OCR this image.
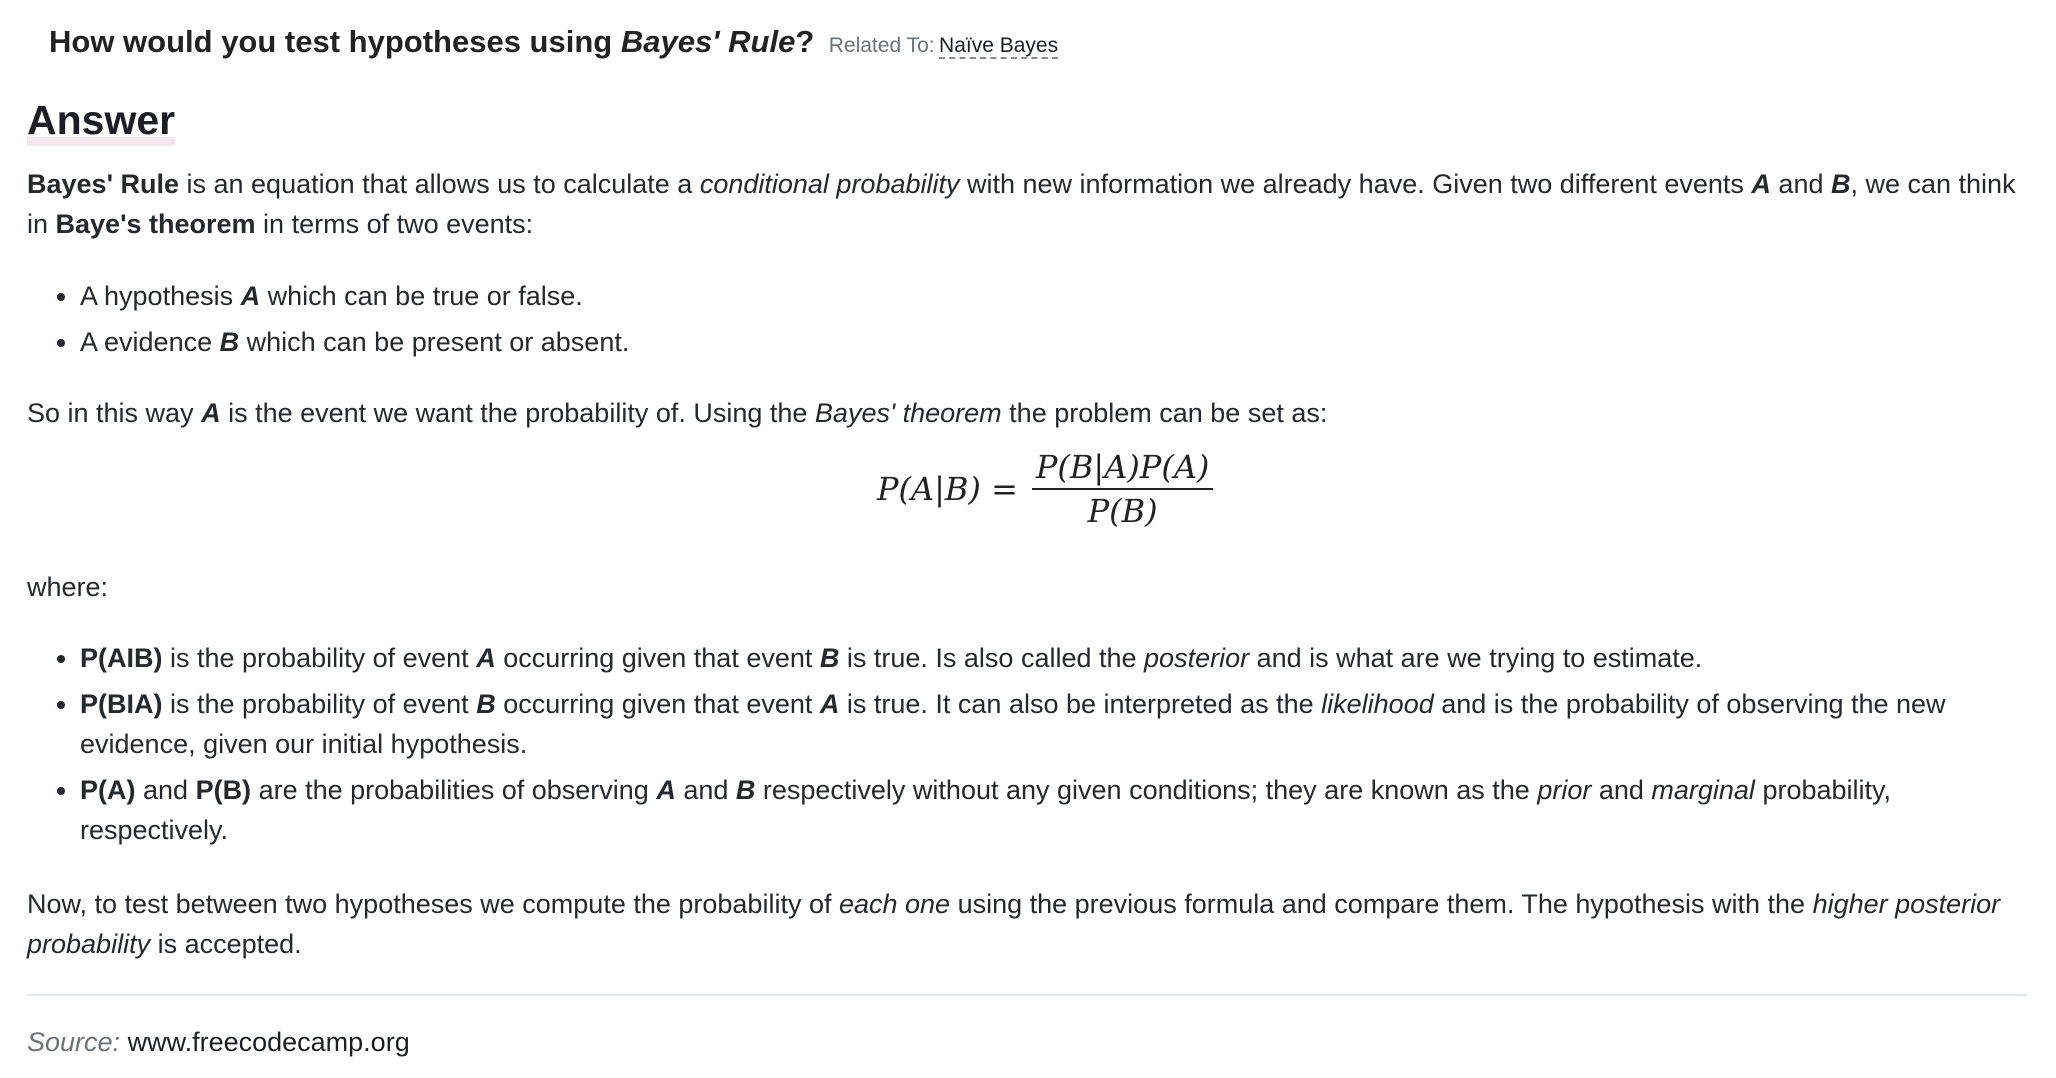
How would you test hypotheses using Bayes' Rule? Related To: Naïve Bayes
Answer
Bayes' Rule is an equation that allows us to calculate a conditional probability with new information we already have. Given two different events A and B, we can think in Baye's theorem in terms of two events:
• A hypothesis A which can be true or false.
• A evidence B which can be present or absent.
So in this way A is the event we want the probability of. Using the Bayes' theorem the problem can be set as:
$P(A|B) = \frac{P(B|A)P(A)}{P(B)}$
where:
• P(AIB) is the probability of event A occurring given that event B is true. Is also called the posterior and is what are we trying to estimate.
• P(BIA) is the probability of event B occurring given that event A is true. It can also be interpreted as the likelihood and is the probability of observing the new evidence, given our initial hypothesis.
• P(A) and P(B) are the probabilities of observing A and B respectively without any given conditions; they are known as the prior and marginal probability, respectively.
Now, to test between two hypotheses we compute the probability of each one using the previous formula and compare them. The hypothesis with the higher posterior probability is accepted.
Source: www.freecodecamp.org
